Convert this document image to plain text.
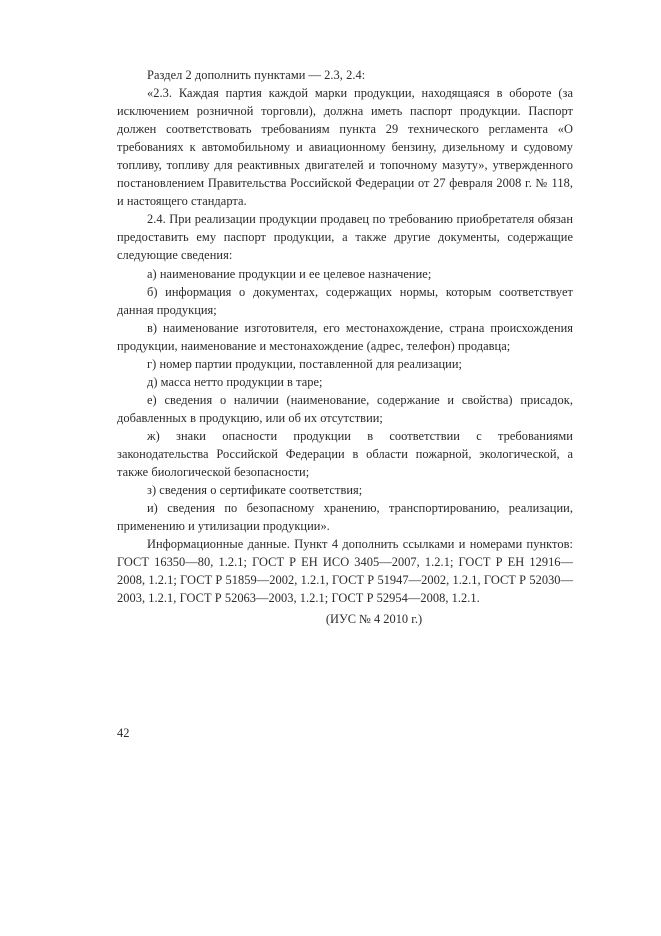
Раздел 2 дополнить пунктами — 2.3, 2.4:

«2.3. Каждая партия каждой марки продукции, находящаяся в обороте (за исключением розничной торговли), должна иметь паспорт продукции. Паспорт должен соответствовать требованиям пункта 29 технического регламента «О требованиях к автомобильному и авиационному бензину, дизельному и судовому топливу, топливу для реактивных двигателей и топочному мазуту», утвержденного постановлением Правительства Российской Федерации от 27 февраля 2008 г. № 118, и настоящего стандарта.

2.4. При реализации продукции продавец по требованию приобретателя обязан предоставить ему паспорт продукции, а также другие документы, содержащие следующие сведения:

а) наименование продукции и ее целевое назначение;

б) информация о документах, содержащих нормы, которым соответствует данная продукция;

в) наименование изготовителя, его местонахождение, страна происхождения продукции, наименование и местонахождение (адрес, телефон) продавца;

г) номер партии продукции, поставленной для реализации;

д) масса нетто продукции в таре;

е) сведения о наличии (наименование, содержание и свойства) присадок, добавленных в продукцию, или об их отсутствии;

ж) знаки опасности продукции в соответствии с требованиями законодательства Российской Федерации в области пожарной, экологической, а также биологической безопасности;

з) сведения о сертификате соответствия;

и) сведения по безопасному хранению, транспортированию, реализации, применению и утилизации продукции».

Информационные данные. Пункт 4 дополнить ссылками и номерами пунктов: ГОСТ 16350—80, 1.2.1; ГОСТ Р ЕН ИСО 3405—2007, 1.2.1; ГОСТ Р ЕН 12916—2008, 1.2.1; ГОСТ Р 51859—2002, 1.2.1, ГОСТ Р 51947—2002, 1.2.1, ГОСТ Р 52030—2003, 1.2.1, ГОСТ Р 52063—2003, 1.2.1; ГОСТ Р 52954—2008, 1.2.1.

(ИУС № 4 2010 г.)
42
